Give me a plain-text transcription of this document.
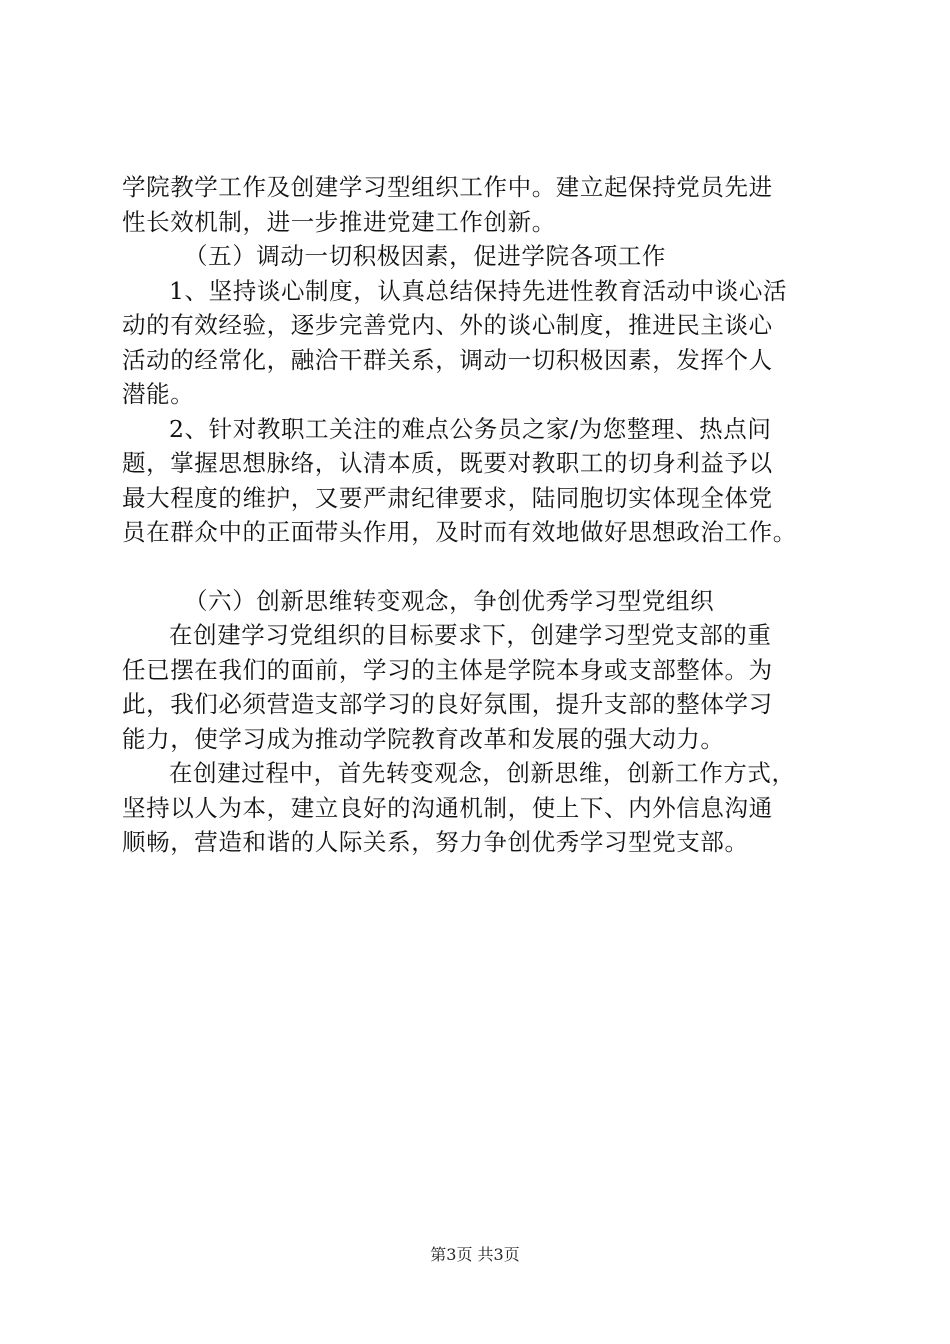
学院教学工作及创建学习型组织工作中。建立起保持党员先进
性长效机制，进一步推进党建工作创新。
（五）调动一切积极因素，促进学院各项工作
1、坚持谈心制度，认真总结保持先进性教育活动中谈心活
动的有效经验，逐步完善党内、外的谈心制度，推进民主谈心
活动的经常化，融洽干群关系，调动一切积极因素，发挥个人
潜能。
2、针对教职工关注的难点公务员之家/为您整理、热点问
题，掌握思想脉络，认清本质，既要对教职工的切身利益予以
最大程度的维护，又要严肃纪律要求，陆同胞切实体现全体党
员在群众中的正面带头作用，及时而有效地做好思想政治工作。
（六）创新思维转变观念，争创优秀学习型党组织
在创建学习党组织的目标要求下，创建学习型党支部的重
任已摆在我们的面前，学习的主体是学院本身或支部整体。为
此，我们必须营造支部学习的良好氛围，提升支部的整体学习
能力，使学习成为推动学院教育改革和发展的强大动力。
在创建过程中，首先转变观念，创新思维，创新工作方式，
坚持以人为本，建立良好的沟通机制，使上下、内外信息沟通
顺畅，营造和谐的人际关系，努力争创优秀学习型党支部。
第3页 共3页
